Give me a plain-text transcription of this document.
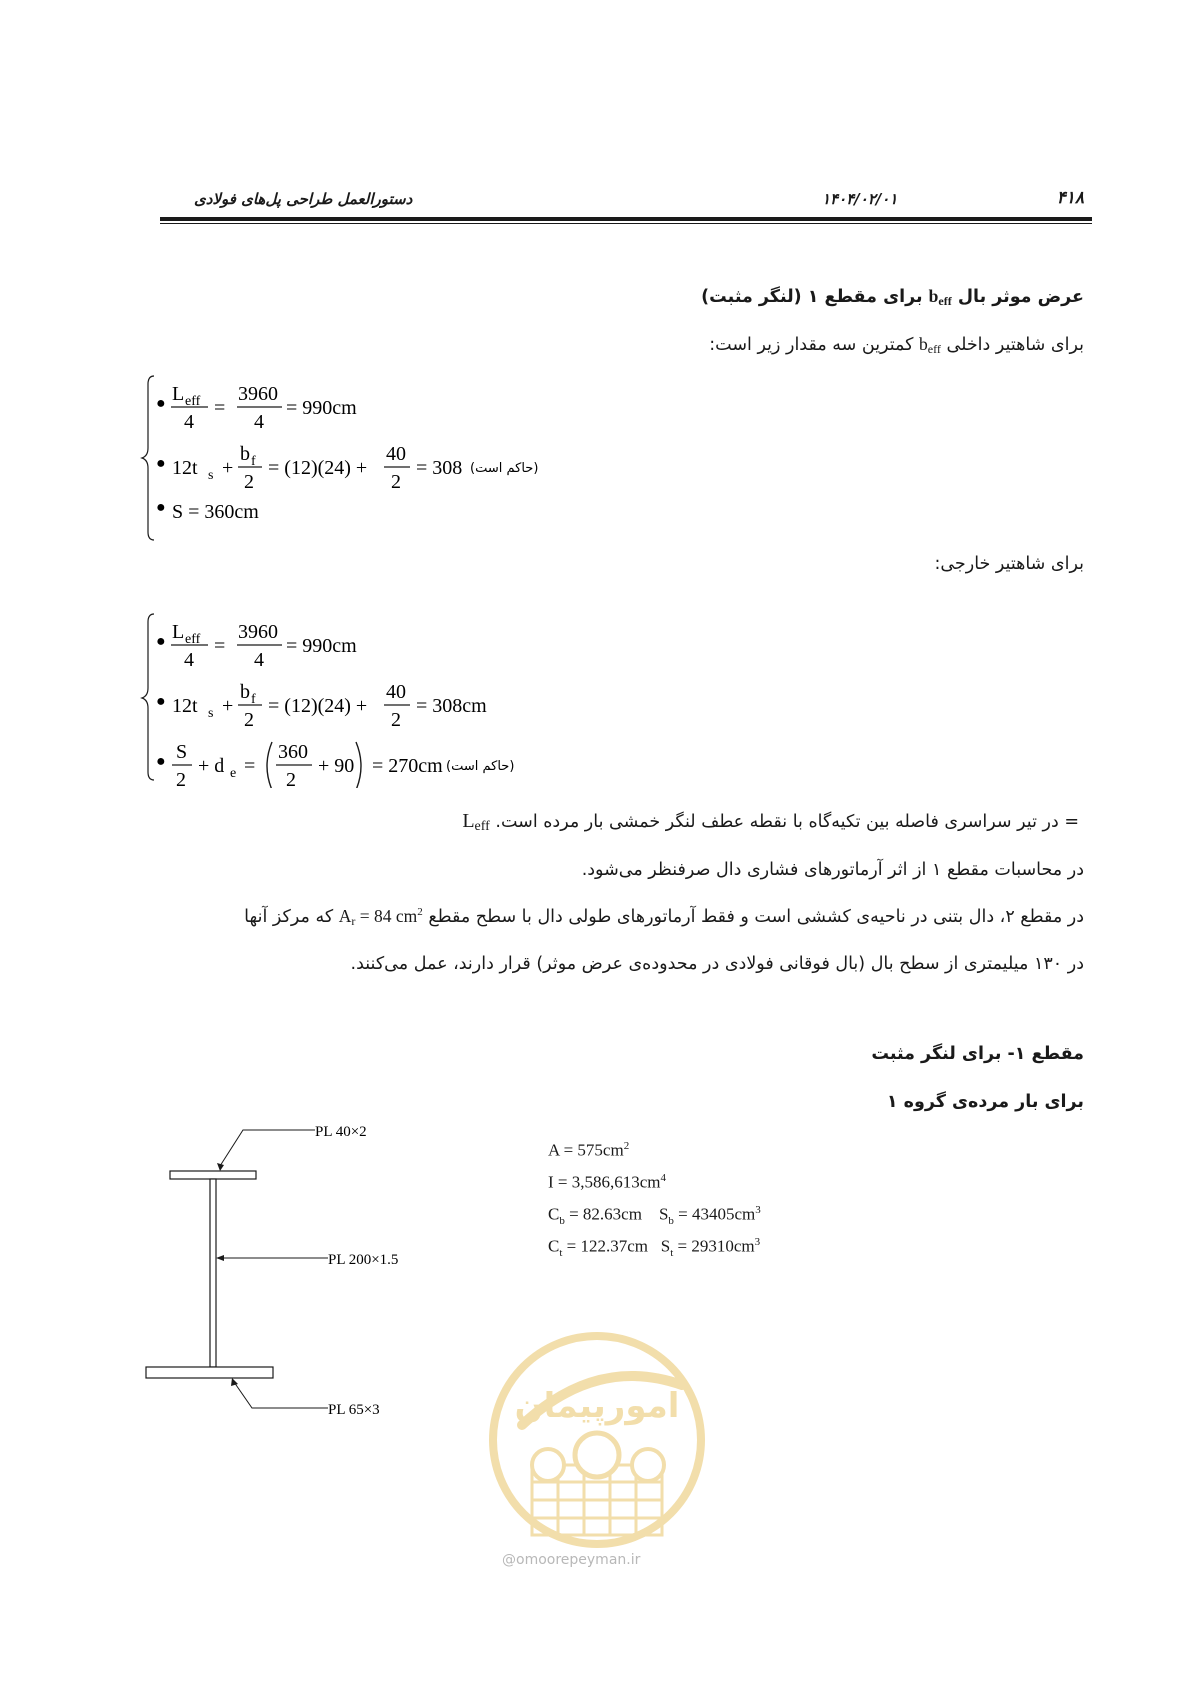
دستورالعمل طراحی پل‌های فولادی	۱۴۰۴/۰۲/۰۱	۴۱۸
عرض موثر بال $b_{eff}$ برای مقطع ۱ (لنگر مثبت)
برای شاهتیر داخلی $b_{eff}$ کمترین سه مقدار زیر است:
● L eff
4
=
3960
4
= 990cm
● 12t s +
b f
2
= (12)(24) +
40
2
= 308 (حاکم است)
● S = 360cm
برای شاهتیر خارجی:
● L eff
4
=
3960
4
= 990cm
● 12t s +
b f
2
= (12)(24) +
40
2
= 308cm
● S
2
+ d e =
360
2
+ 90 = 270cm (حاکم است)
= در تیر سراسری فاصله بین تکیه‌گاه با نقطه عطف لنگر خمشی بار مرده است. $L_{eff}$
در محاسبات مقطع ۱ از اثر آرماتورهای فشاری دال صرفنظر می‌شود.
در مقطع ۲، دال بتنی در ناحیه‌ی کششی است و فقط آرماتورهای طولی دال با سطح مقطع $A_r = 84$ $cm^2$ که مرکز آنها
در ۱۳۰ میلیمتری از سطح بال (بال فوقانی فولادی در محدوده‌ی عرض موثر) قرار دارند، عمل می‌کنند.
مقطع ۱- برای لنگر مثبت
برای بار مرده‌ی گروه ۱
PL 40×2
PL 200×1.5
PL 65×3
$A = 575cm^2$
$I = 3,586,613cm^4$
$C_b = 82.63cm$ $S_b = 43405cm^3$
$C_t = 122.37cm$ $S_t = 29310cm^3$
امورپیمان
@omoorepeyman.ir
